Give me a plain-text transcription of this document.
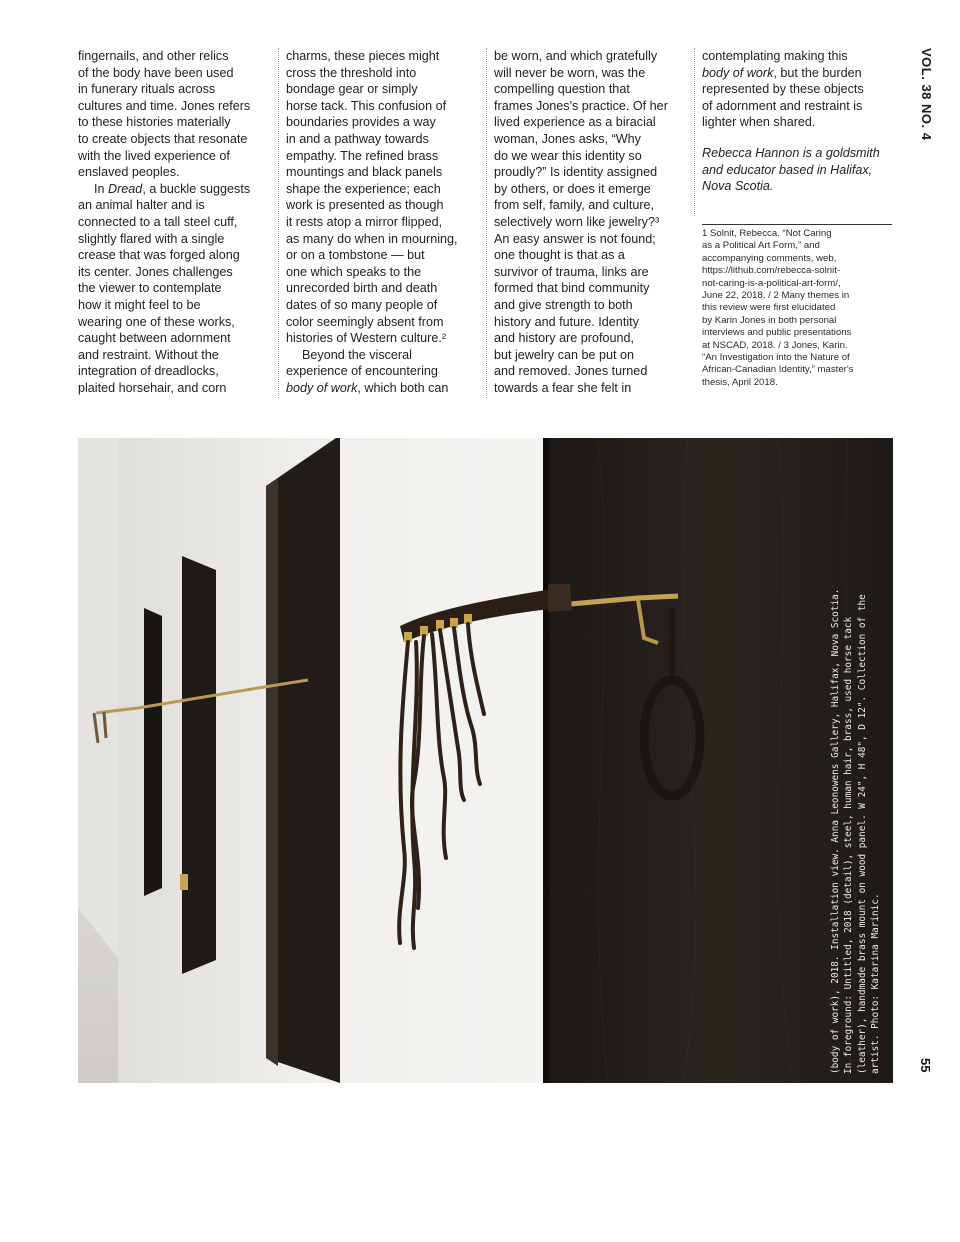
fingernails, and other relics
of the body have been used
in funerary rituals across
cultures and time. Jones refers
to these histories materially
to create objects that resonate
with the lived experience of
enslaved peoples.
In Dread, a buckle suggests
an animal halter and is
connected to a tall steel cuff,
slightly flared with a single
crease that was forged along
its center. Jones challenges
the viewer to contemplate
how it might feel to be
wearing one of these works,
caught between adornment
and restraint. Without the
integration of dreadlocks,
plaited horsehair, and corn

charms, these pieces might
cross the threshold into
bondage gear or simply
horse tack. This confusion of
boundaries provides a way
in and a pathway towards
empathy. The refined brass
mountings and black panels
shape the experience; each
work is presented as though
it rests atop a mirror flipped,
as many do when in mourning,
or on a tombstone — but
one which speaks to the
unrecorded birth and death
dates of so many people of
color seemingly absent from
histories of Western culture.²
Beyond the visceral
experience of encountering
body of work, which both can

be worn, and which gratefully
will never be worn, was the
compelling question that
frames Jones's practice. Of her
lived experience as a biracial
woman, Jones asks, “Why
do we wear this identity so
proudly?” Is identity assigned
by others, or does it emerge
from self, family, and culture,
selectively worn like jewelry?³
An easy answer is not found;
one thought is that as a
survivor of trauma, links are
formed that bind community
and give strength to both
history and future. Identity
and history are profound,
but jewelry can be put on
and removed. Jones turned
towards a fear she felt in

contemplating making this
body of work, but the burden
represented by these objects
of adornment and restraint is
lighter when shared.

Rebecca Hannon is a goldsmith
and educator based in Halifax,
Nova Scotia.

1 Solnit, Rebecca. “Not Caring
as a Political Art Form,” and
accompanying comments, web,
https://lithub.com/rebecca-solnit-
not-caring-is-a-political-art-form/,
June 22, 2018. / 2 Many themes in
this review were first elucidated
by Karin Jones in both personal
interviews and public presentations
at NSCAD, 2018. / 3 Jones, Karin.
“An Investigation into the Nature of
African-Canadian Identity,” master's
thesis, April 2018.
VOL. 38 NO. 4
(body of work), 2018. Installation view. Anna Leonowens Gallery, Halifax, Nova Scotia. In foreground: Untitled, 2018 (detail), steel, human hair, brass, used horse tack (leather), handmade brass mount on wood panel. W 24", H 48", D 12". Collection of the artist. Photo: Katarina Marinic.	55
